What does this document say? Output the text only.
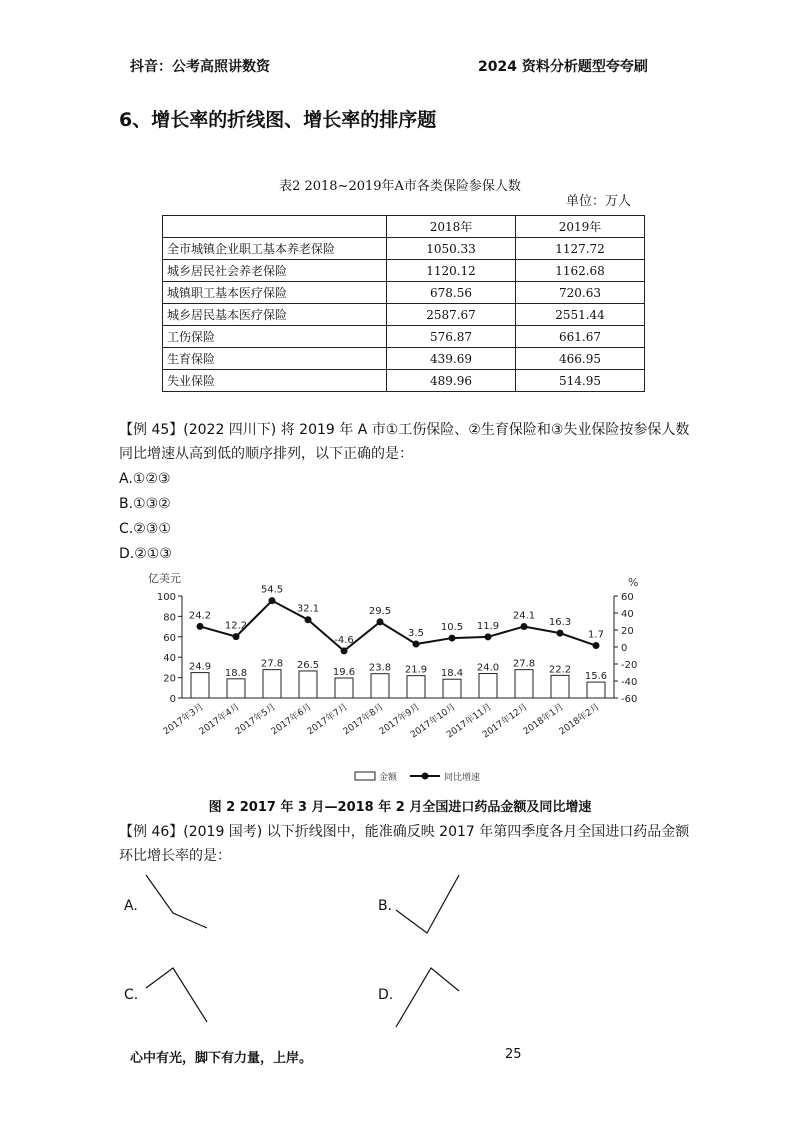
抖音：公考高照讲数资	2024 资料分析题型夸夸刷
6、增长率的折线图、增长率的排序题
表2 2018~2019年A市各类保险参保人数
单位：万人
	2018年	2019年
全市城镇企业职工基本养老保险	1050.33	1127.72
城乡居民社会养老保险	1120.12	1162.68
城镇职工基本医疗保险	678.56	720.63
城乡居民基本医疗保险	2587.67	2551.44
工伤保险	576.87	661.67
生育保险	439.69	466.95
失业保险	489.96	514.95
【例 45】(2022 四川下) 将 2019 年 A 市①工伤保险、②生育保险和③失业保险按参保人数
同比增速从高到低的顺序排列，以下正确的是：
A.①②③
B.①③②
C.②③①
D.②①③
亿美元	%
0
20
40
60
80
100
-60
-40
-20
0
20
40
60
24.9
18.8
27.8 26.5
19.6 23.8 21.9 18.4
24.0 27.8
22.2
15.6
24.2
12.2
54.5
32.1
-4.6
29.5
3.5
10.5 11.9
24.1
16.3
1.7
2017年3月
2017年4月
2017年5月
2017年6月
2017年7月
2017年8月
2017年9月
2017年10月
2017年11月
2017年12月
2018年1月
2018年2月
金额	同比增速
图 2 2017 年 3 月—2018 年 2 月全国进口药品金额及同比增速
【例 46】(2019 国考) 以下折线图中，能准确反映 2017 年第四季度各月全国进口药品金额
环比增长率的是：
A.	B.
C.	D.
心中有光，脚下有力量，上岸。	25
